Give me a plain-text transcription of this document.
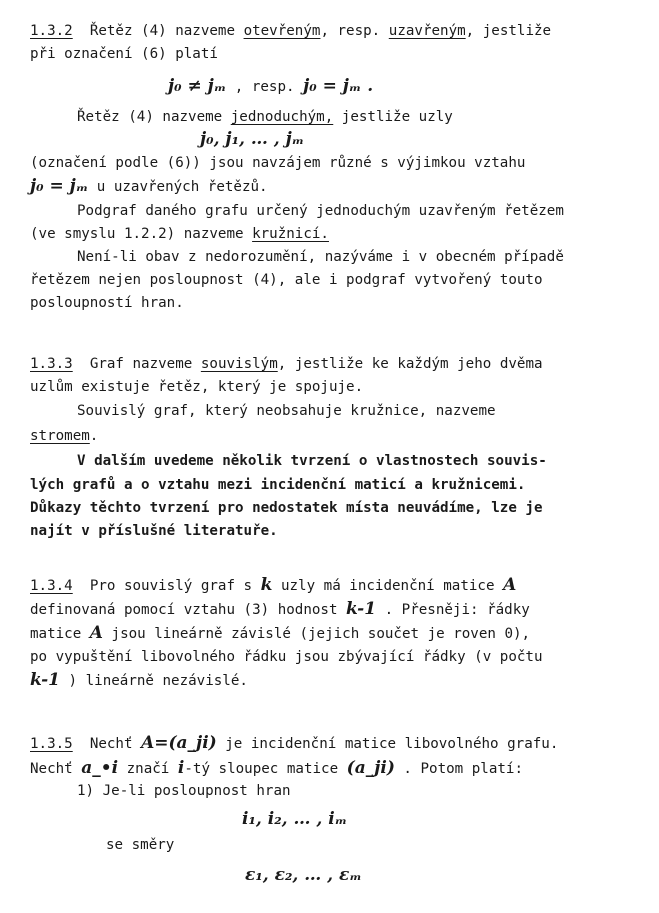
1.3.2 Řetěz (4) nazveme otevřeným, resp. uzavřeným, jestliže
při označení (6) platí
j₀ ≠ jₘ , resp. j₀ = jₘ .
Řetěz (4) nazveme jednoduchým, jestliže uzly
j₀, j₁, … , jₘ
(označení podle (6)) jsou navzájem různé s výjimkou vztahu
j₀ = jₘ u uzavřených řetězů.
Podgraf daného grafu určený jednoduchým uzavřeným řetězem
(ve smyslu 1.2.2) nazveme kružnicí.
Není-li obav z nedorozumění, nazýváme i v obecném případě
řetězem nejen posloupnost (4), ale i podgraf vytvořený touto
posloupností hran.
1.3.3 Graf nazveme souvislým, jestliže ke každým jeho dvěma
uzlům existuje řetěz, který je spojuje.
Souvislý graf, který neobsahuje kružnice, nazveme
stromem.
V dalším uvedeme několik tvrzení o vlastnostech souvis-
lých grafů a o vztahu mezi incidenční maticí a kružnicemi.
Důkazy těchto tvrzení pro nedostatek místa neuvádíme, lze je
najít v příslušné literatuře.
1.3.4 Pro souvislý graf s k uzly má incidenční matice A
definovaná pomocí vztahu (3) hodnost k-1 . Přesněji: řádky
matice A jsou lineárně závislé (jejich součet je roven 0),
po vypuštění libovolného řádku jsou zbývající řádky (v počtu
k-1 ) lineárně nezávislé.
1.3.5 Nechť A=(a_ji) je incidenční matice libovolného grafu.
Nechť a_•i značí i-tý sloupec matice (a_ji) . Potom platí:
1) Je-li posloupnost hran
i₁, i₂, … , iₘ
se směry
ε₁, ε₂, … , εₘ
